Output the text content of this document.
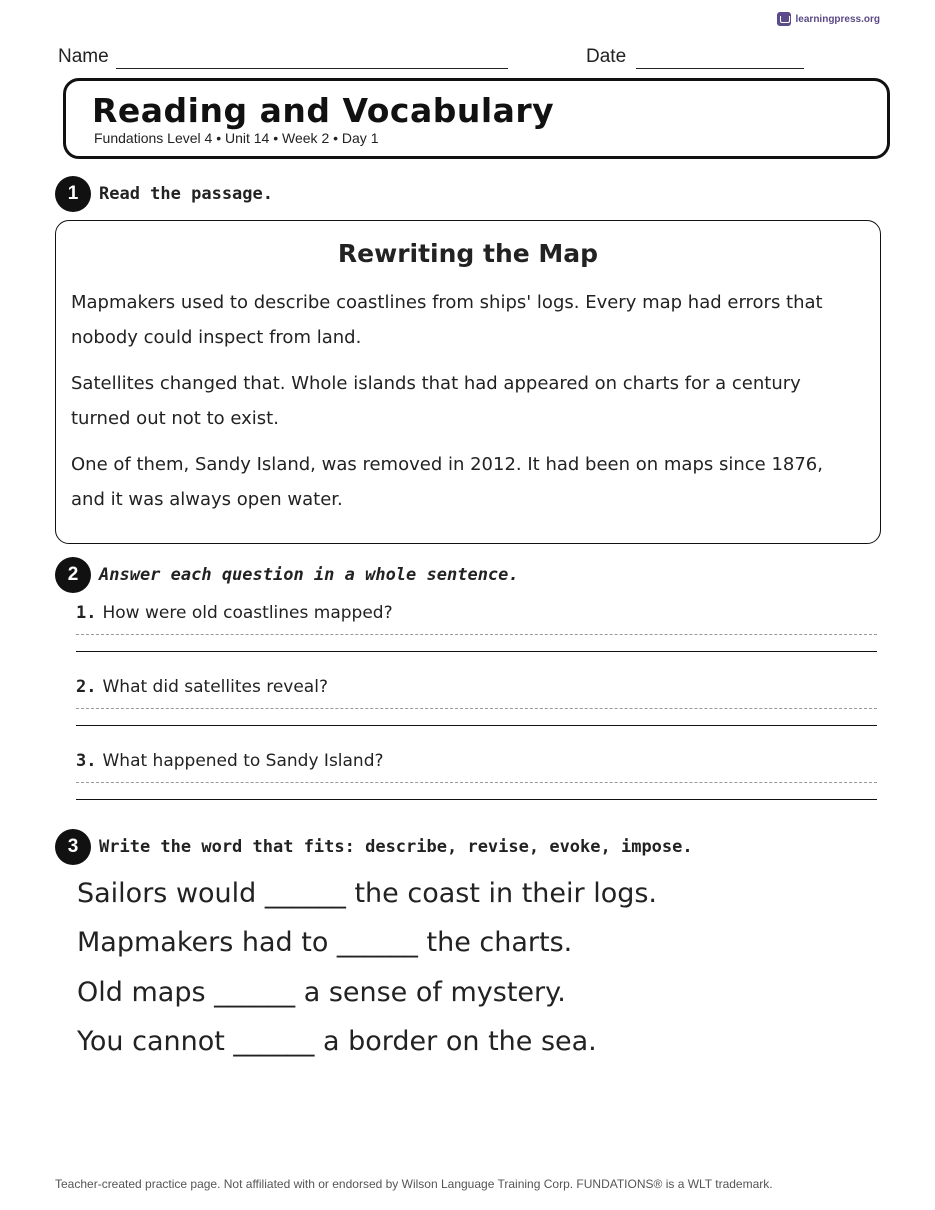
learningpress.org
Name	Date
Reading and Vocabulary
Fundations Level 4 • Unit 14 • Week 2 • Day 1
1	Read the passage.
Rewriting the Map

Mapmakers used to describe coastlines from ships' logs. Every map had errors that nobody could inspect from land.

Satellites changed that. Whole islands that had appeared on charts for a century turned out not to exist.

One of them, Sandy Island, was removed in 2012. It had been on maps since 1876, and it was always open water.

2	Answer each question in a whole sentence.
1. How were old coastlines mapped?
2. What did satellites reveal?
3. What happened to Sandy Island?
3	Write the word that fits: describe, revise, evoke, impose.
Sailors would ______ the coast in their logs.
Mapmakers had to ______ the charts.
Old maps ______ a sense of mystery.
You cannot ______ a border on the sea.
Teacher-created practice page. Not affiliated with or endorsed by Wilson Language Training Corp. FUNDATIONS® is a WLT trademark.
